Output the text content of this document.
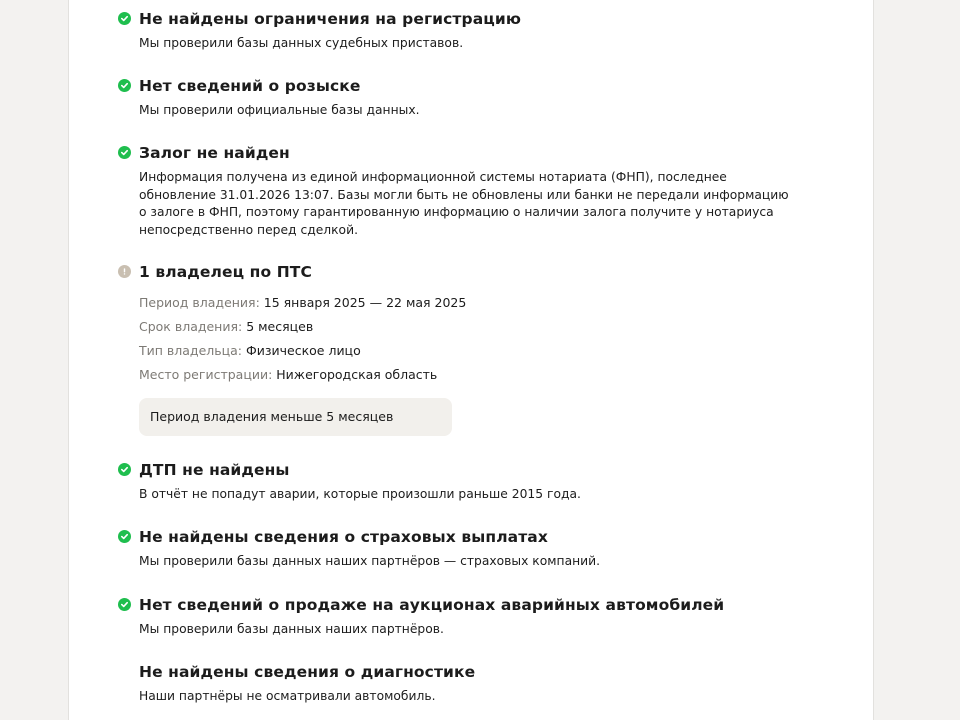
Не найдены ограничения на регистрацию
Мы проверили базы данных судебных приставов.
Нет сведений о розыске
Мы проверили официальные базы данных.
Залог не найден
Информация получена из единой информационной системы нотариата (ФНП), последнее обновление 31.01.2026 13:07. Базы могли быть не обновлены или банки не передали информацию о залоге в ФНП, поэтому гарантированную информацию о наличии залога получите у нотариуса непосредственно перед сделкой.
1 владелец по ПТС
Период владения: 15 января 2025 — 22 мая 2025
Срок владения: 5 месяцев
Тип владельца: Физическое лицо
Место регистрации: Нижегородская область
Период владения меньше 5 месяцев
ДТП не найдены
В отчёт не попадут аварии, которые произошли раньше 2015 года.
Не найдены сведения о страховых выплатах
Мы проверили базы данных наших партнёров — страховых компаний.
Нет сведений о продаже на аукционах аварийных автомобилей
Мы проверили базы данных наших партнёров.
Не найдены сведения о диагностике
Наши партнёры не осматривали автомобиль.
